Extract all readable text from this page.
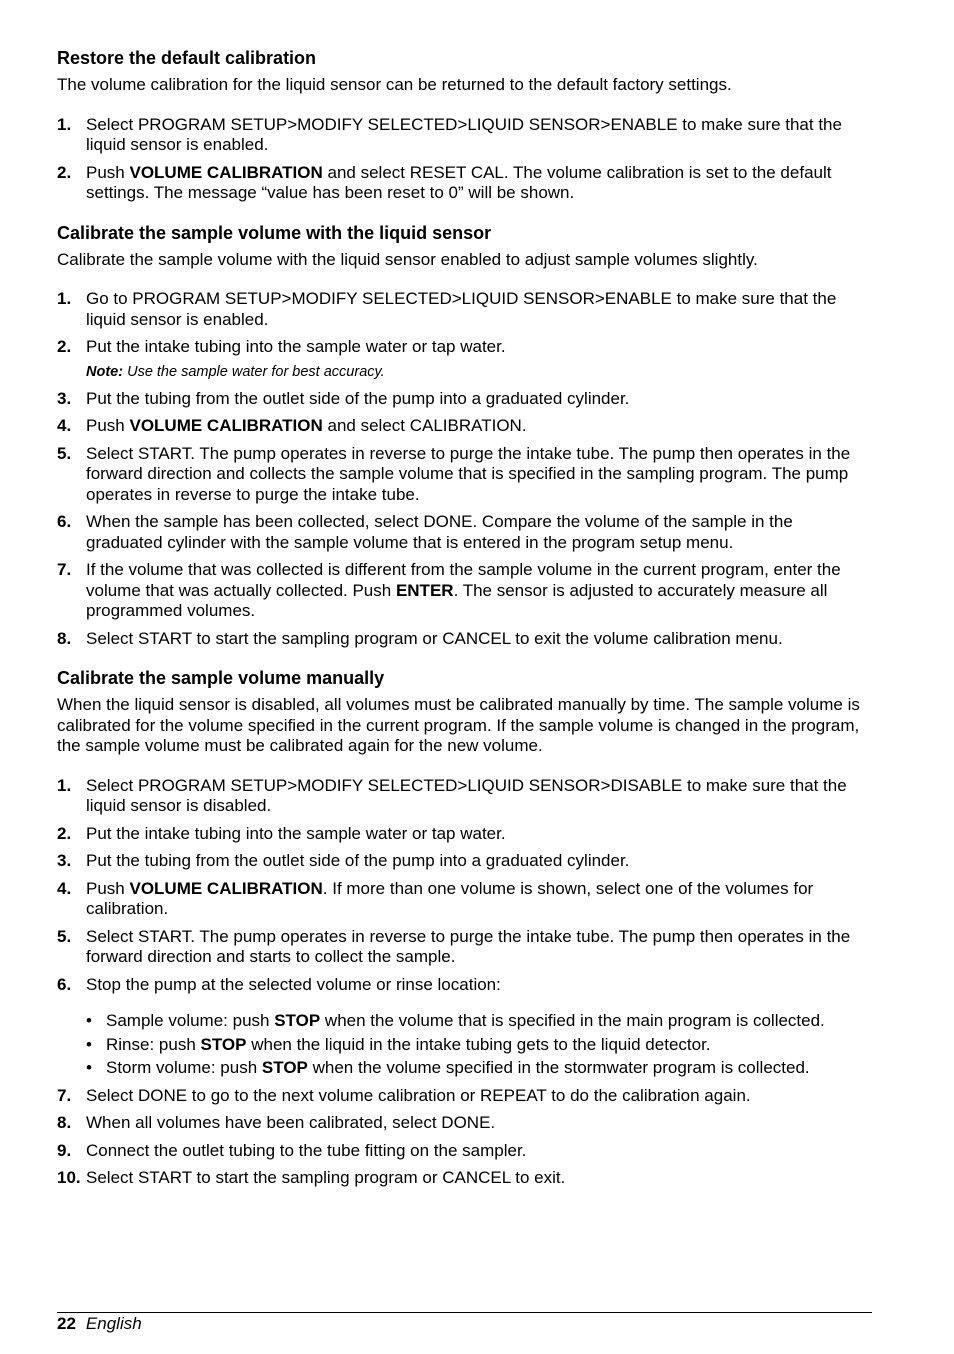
Restore the default calibration

The volume calibration for the liquid sensor can be returned to the default factory settings.

1. Select PROGRAM SETUP>MODIFY SELECTED>LIQUID SENSOR>ENABLE to make sure that the liquid sensor is enabled.
2. Push VOLUME CALIBRATION and select RESET CAL. The volume calibration is set to the default settings. The message “value has been reset to 0” will be shown.
Calibrate the sample volume with the liquid sensor

Calibrate the sample volume with the liquid sensor enabled to adjust sample volumes slightly.

1. Go to PROGRAM SETUP>MODIFY SELECTED>LIQUID SENSOR>ENABLE to make sure that the liquid sensor is enabled.
2. Put the intake tubing into the sample water or tap water.
Note: Use the sample water for best accuracy.
3. Put the tubing from the outlet side of the pump into a graduated cylinder.
4. Push VOLUME CALIBRATION and select CALIBRATION.
5. Select START. The pump operates in reverse to purge the intake tube. The pump then operates in the forward direction and collects the sample volume that is specified in the sampling program. The pump operates in reverse to purge the intake tube.
6. When the sample has been collected, select DONE. Compare the volume of the sample in the graduated cylinder with the sample volume that is entered in the program setup menu.
7. If the volume that was collected is different from the sample volume in the current program, enter the volume that was actually collected. Push ENTER. The sensor is adjusted to accurately measure all programmed volumes.
8. Select START to start the sampling program or CANCEL to exit the volume calibration menu.
Calibrate the sample volume manually

When the liquid sensor is disabled, all volumes must be calibrated manually by time. The sample volume is calibrated for the volume specified in the current program. If the sample volume is changed in the program, the sample volume must be calibrated again for the new volume.

1. Select PROGRAM SETUP>MODIFY SELECTED>LIQUID SENSOR>DISABLE to make sure that the liquid sensor is disabled.
2. Put the intake tubing into the sample water or tap water.
3. Put the tubing from the outlet side of the pump into a graduated cylinder.
4. Push VOLUME CALIBRATION. If more than one volume is shown, select one of the volumes for calibration.
5. Select START. The pump operates in reverse to purge the intake tube. The pump then operates in the forward direction and starts to collect the sample.
6. Stop the pump at the selected volume or rinse location:
• Sample volume: push STOP when the volume that is specified in the main program is collected.
• Rinse: push STOP when the liquid in the intake tubing gets to the liquid detector.
• Storm volume: push STOP when the volume specified in the stormwater program is collected.
7. Select DONE to go to the next volume calibration or REPEAT to do the calibration again.
8. When all volumes have been calibrated, select DONE.
9. Connect the outlet tubing to the tube fitting on the sampler.
10. Select START to start the sampling program or CANCEL to exit.
22 English
